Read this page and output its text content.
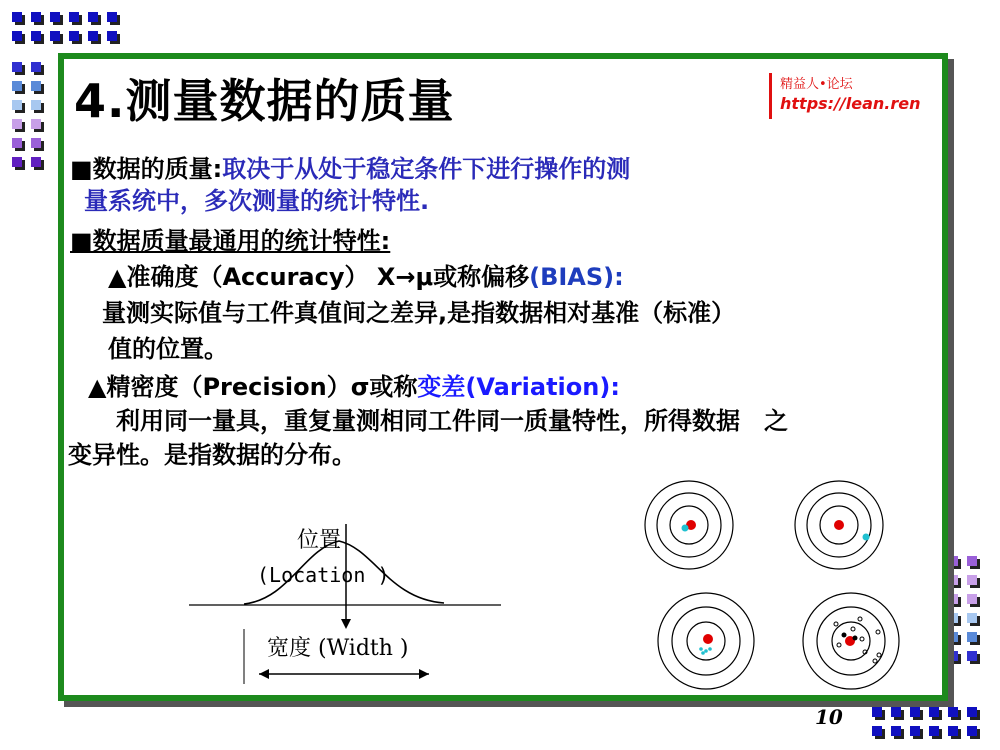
4.测量数据的质量	精益人•论坛
https://lean.ren
■数据的质量:取决于从处于稳定条件下进行操作的测
量系统中，多次测量的统计特性.
■数据质量最通用的统计特性:
▲准确度（Accuracy） X→μ或称偏移(BIAS):
量测实际值与工件真值间之差异,是指数据相对基准（标准）
值的位置。
▲精密度（Precision）σ或称变差(Variation):
利用同一量具，重复量测相同工件同一质量特性，所得数据　之
变异性。是指数据的分布。
位置
(Location )
宽度 (Width )
10
